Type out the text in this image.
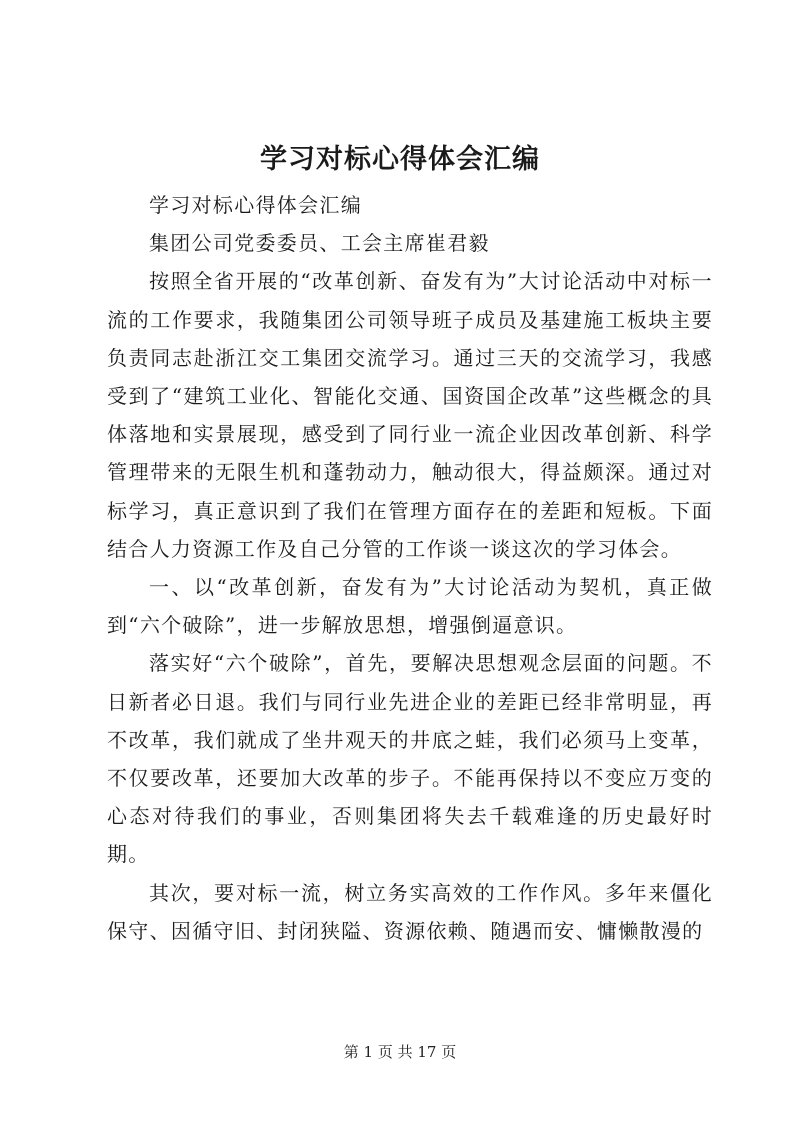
学习对标心得体会汇编

学习对标心得体会汇编

集团公司党委委员、工会主席崔君毅

按照全省开展的“改革创新、奋发有为”大讨论活动中对标一流的工作要求，我随集团公司领导班子成员及基建施工板块主要负责同志赴浙江交工集团交流学习。通过三天的交流学习，我感受到了“建筑工业化、智能化交通、国资国企改革”这些概念的具体落地和实景展现，感受到了同行业一流企业因改革创新、科学管理带来的无限生机和蓬勃动力，触动很大，得益颇深。通过对标学习，真正意识到了我们在管理方面存在的差距和短板。下面结合人力资源工作及自己分管的工作谈一谈这次的学习体会。

一、以“改革创新，奋发有为”大讨论活动为契机，真正做到“六个破除”，进一步解放思想，增强倒逼意识。

落实好“六个破除”，首先，要解决思想观念层面的问题。不日新者必日退。我们与同行业先进企业的差距已经非常明显，再不改革，我们就成了坐井观天的井底之蛙，我们必须马上变革，不仅要改革，还要加大改革的步子。不能再保持以不变应万变的心态对待我们的事业，否则集团将失去千载难逢的历史最好时期。

其次，要对标一流，树立务实高效的工作作风。多年来僵化保守、因循守旧、封闭狭隘、资源依赖、随遇而安、慵懒散漫的

第 1 页 共 17 页
